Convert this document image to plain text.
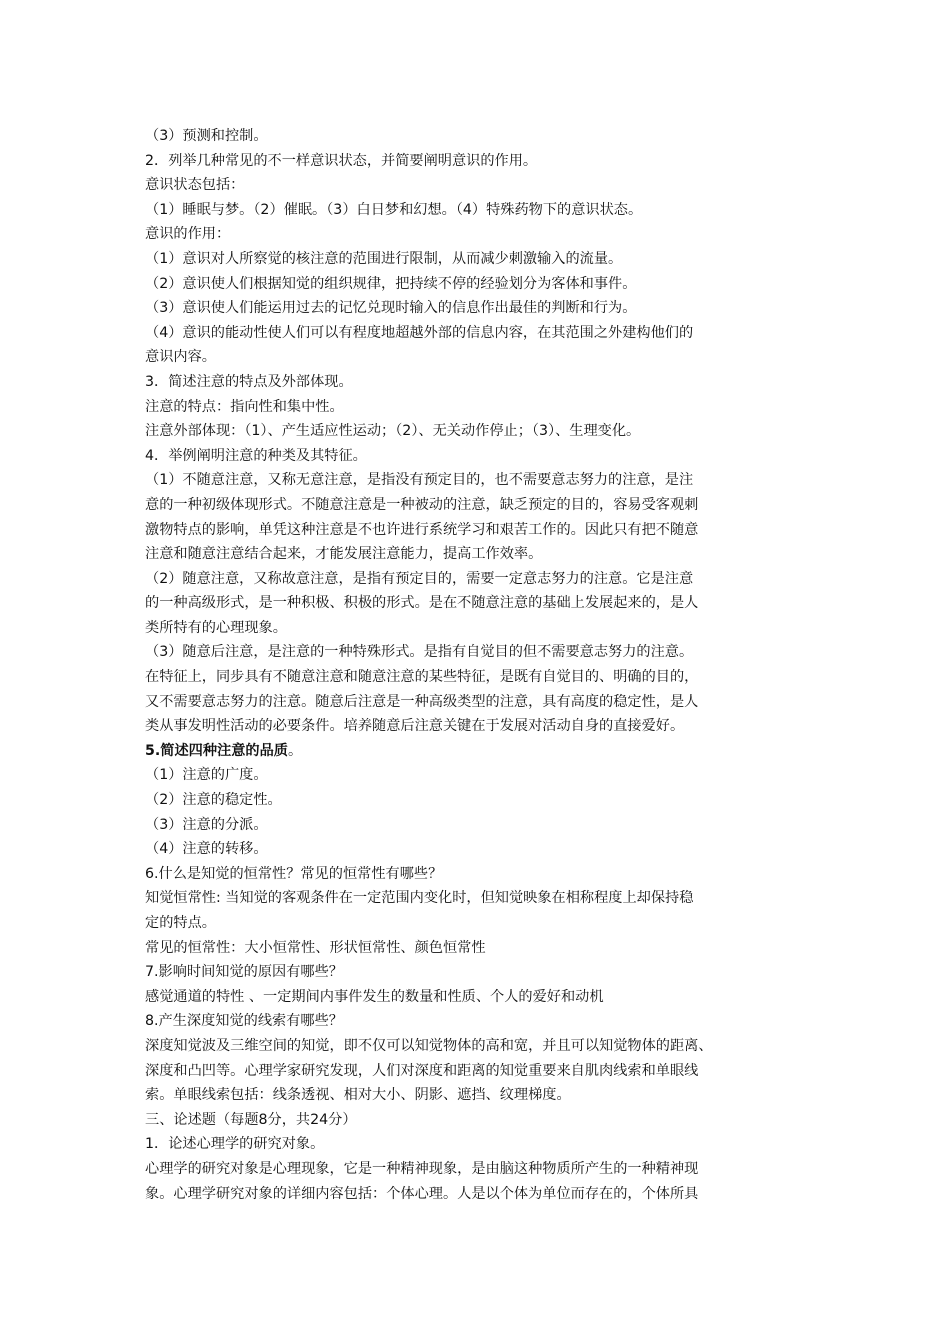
（3）预测和控制。
2．列举几种常见的不一样意识状态，并简要阐明意识的作用。
意识状态包括：
（1）睡眠与梦。（2）催眠。（3）白日梦和幻想。（4）特殊药物下的意识状态。
意识的作用：
（1）意识对人所察觉的核注意的范围进行限制，从而减少刺激输入的流量。
（2）意识使人们根据知觉的组织规律，把持续不停的经验划分为客体和事件。
（3）意识使人们能运用过去的记忆兑现时输入的信息作出最佳的判断和行为。
（4）意识的能动性使人们可以有程度地超越外部的信息内容，在其范围之外建构他们的
意识内容。
3．简述注意的特点及外部体现。
注意的特点：指向性和集中性。
注意外部体现：（1）、产生适应性运动；（2）、无关动作停止；（3）、生理变化。
4．举例阐明注意的种类及其特征。
（1）不随意注意，又称无意注意，是指没有预定目的，也不需要意志努力的注意，是注
意的一种初级体现形式。不随意注意是一种被动的注意，缺乏预定的目的，容易受客观刺
激物特点的影响，单凭这种注意是不也许进行系统学习和艰苦工作的。因此只有把不随意
注意和随意注意结合起来，才能发展注意能力，提高工作效率。
（2）随意注意，又称故意注意，是指有预定目的，需要一定意志努力的注意。它是注意
的一种高级形式，是一种积极、积极的形式。是在不随意注意的基础上发展起来的，是人
类所特有的心理现象。
（3）随意后注意，是注意的一种特殊形式。是指有自觉目的但不需要意志努力的注意。
在特征上，同步具有不随意注意和随意注意的某些特征，是既有自觉目的、明确的目的，
又不需要意志努力的注意。随意后注意是一种高级类型的注意，具有高度的稳定性，是人
类从事发明性活动的必要条件。培养随意后注意关键在于发展对活动自身的直接爱好。
5.简述四种注意的品质。
（1）注意的广度。
（2）注意的稳定性。
（3）注意的分派。
（4）注意的转移。
6.什么是知觉的恒常性？常见的恒常性有哪些？
知觉恒常性: 当知觉的客观条件在一定范围内变化时，但知觉映象在相称程度上却保持稳
定的特点。
常见的恒常性：大小恒常性、形状恒常性、颜色恒常性
7.影响时间知觉的原因有哪些？
感觉通道的特性 、一定期间内事件发生的数量和性质、个人的爱好和动机
8.产生深度知觉的线索有哪些？
深度知觉波及三维空间的知觉，即不仅可以知觉物体的高和宽，并且可以知觉物体的距离、
深度和凸凹等。心理学家研究发现，人们对深度和距离的知觉重要来自肌肉线索和单眼线
索。单眼线索包括：线条透视、相对大小、阴影、遮挡、纹理梯度。
三、论述题（每题8分，共24分）
1．论述心理学的研究对象。
心理学的研究对象是心理现象，它是一种精神现象，是由脑这种物质所产生的一种精神现
象。心理学研究对象的详细内容包括：个体心理。人是以个体为单位而存在的，个体所具
